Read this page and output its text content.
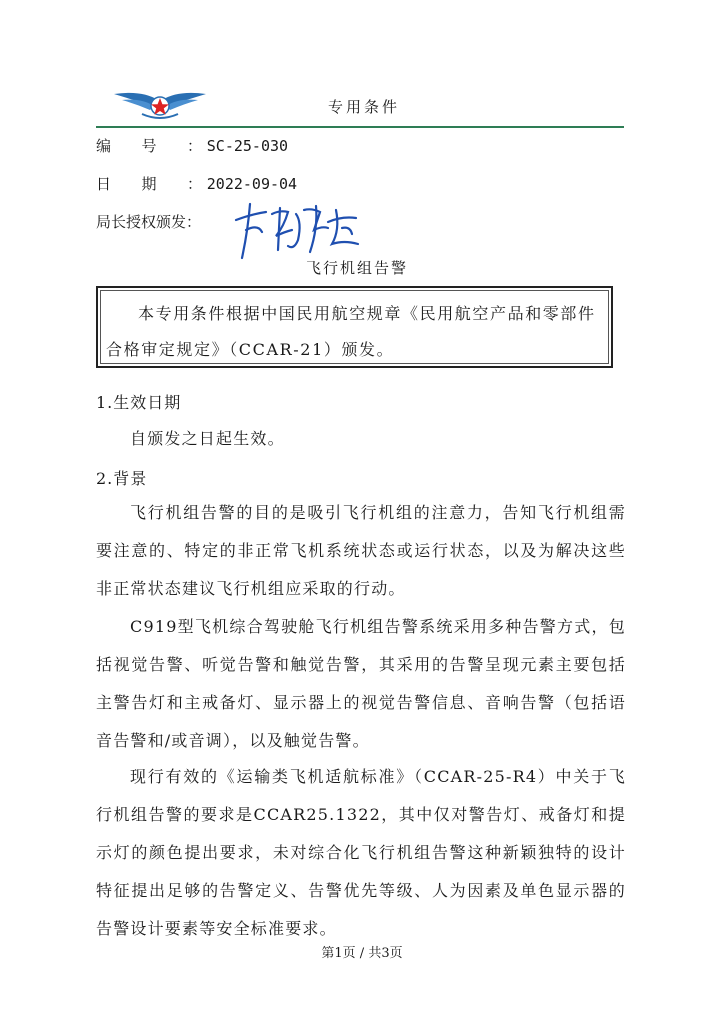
专用条件
编号： SC-25-030
日期： 2022-09-04
局长授权颁发：
飞行机组告警
本专用条件根据中国民用航空规章《民用航空产品和零部件合格审定规定》（CCAR-21）颁发。
1.生效日期
自颁发之日起生效。
2.背景
飞行机组告警的目的是吸引飞行机组的注意力，告知飞行机组需要注意的、特定的非正常飞机系统状态或运行状态，以及为解决这些非正常状态建议飞行机组应采取的行动。
C919型飞机综合驾驶舱飞行机组告警系统采用多种告警方式，包括视觉告警、听觉告警和触觉告警，其采用的告警呈现元素主要包括主警告灯和主戒备灯、显示器上的视觉告警信息、音响告警（包括语音告警和/或音调），以及触觉告警。
现行有效的《运输类飞机适航标准》（CCAR-25-R4）中关于飞行机组告警的要求是CCAR25.1322，其中仅对警告灯、戒备灯和提示灯的颜色提出要求，未对综合化飞行机组告警这种新颖独特的设计特征提出足够的告警定义、告警优先等级、人为因素及单色显示器的告警设计要素等安全标准要求。
第1页 / 共3页
